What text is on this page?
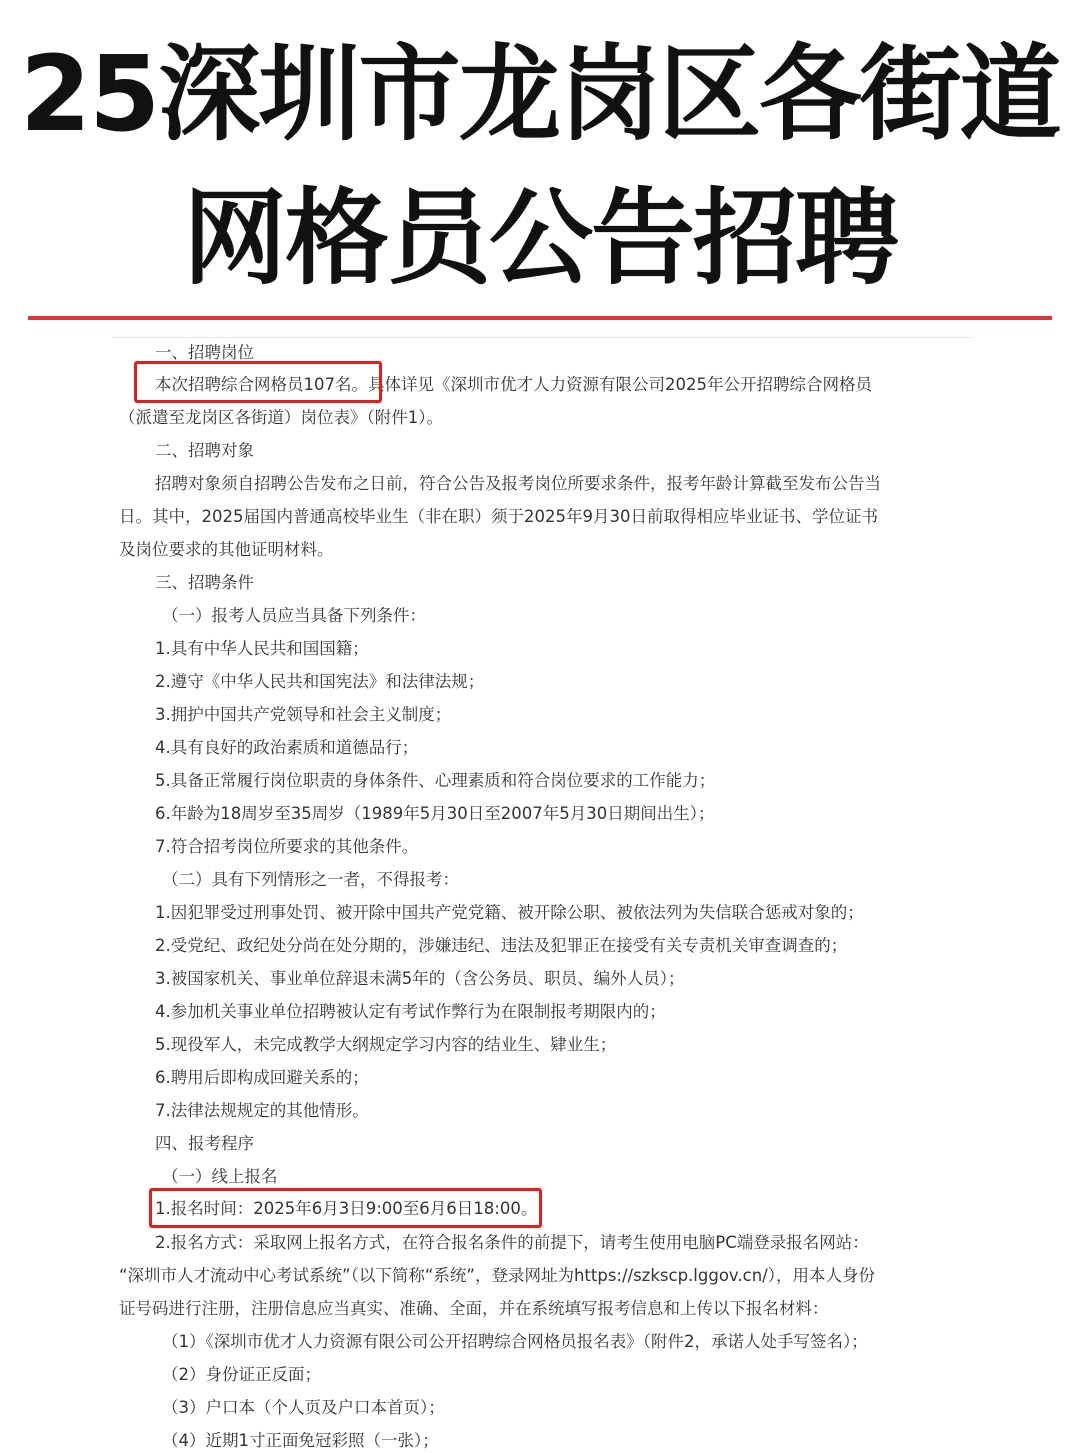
25深圳市龙岗区各街道
网格员公告招聘
一、招聘岗位
本次招聘综合网格员107名。具体详见《深圳市优才人力资源有限公司2025年公开招聘综合网格员
（派遣至龙岗区各街道）岗位表》（附件1）。
二、招聘对象
招聘对象须自招聘公告发布之日前，符合公告及报考岗位所要求条件，报考年龄计算截至发布公告当
日。其中，2025届国内普通高校毕业生（非在职）须于2025年9月30日前取得相应毕业证书、学位证书
及岗位要求的其他证明材料。
三、招聘条件
（一）报考人员应当具备下列条件：
1.具有中华人民共和国国籍；
2.遵守《中华人民共和国宪法》和法律法规；
3.拥护中国共产党领导和社会主义制度；
4.具有良好的政治素质和道德品行；
5.具备正常履行岗位职责的身体条件、心理素质和符合岗位要求的工作能力；
6.年龄为18周岁至35周岁（1989年5月30日至2007年5月30日期间出生）；
7.符合招考岗位所要求的其他条件。
（二）具有下列情形之一者，不得报考：
1.因犯罪受过刑事处罚、被开除中国共产党党籍、被开除公职、被依法列为失信联合惩戒对象的；
2.受党纪、政纪处分尚在处分期的，涉嫌违纪、违法及犯罪正在接受有关专责机关审查调查的；
3.被国家机关、事业单位辞退未满5年的（含公务员、职员、编外人员）；
4.参加机关事业单位招聘被认定有考试作弊行为在限制报考期限内的；
5.现役军人，未完成教学大纲规定学习内容的结业生、肄业生；
6.聘用后即构成回避关系的；
7.法律法规规定的其他情形。
四、报考程序
（一）线上报名
1.报名时间：2025年6月3日9:00至6月6日18:00。
2.报名方式：采取网上报名方式，在符合报名条件的前提下，请考生使用电脑PC端登录报名网站：
“深圳市人才流动中心考试系统”（以下简称“系统”，登录网址为https://szkscp.lggov.cn/），用本人身份
证号码进行注册，注册信息应当真实、准确、全面，并在系统填写报考信息和上传以下报名材料：
（1）《深圳市优才人力资源有限公司公开招聘综合网格员报名表》（附件2，承诺人处手写签名）；
（2）身份证正反面；
（3）户口本（个人页及户口本首页）；
（4）近期1寸正面免冠彩照（一张）；
